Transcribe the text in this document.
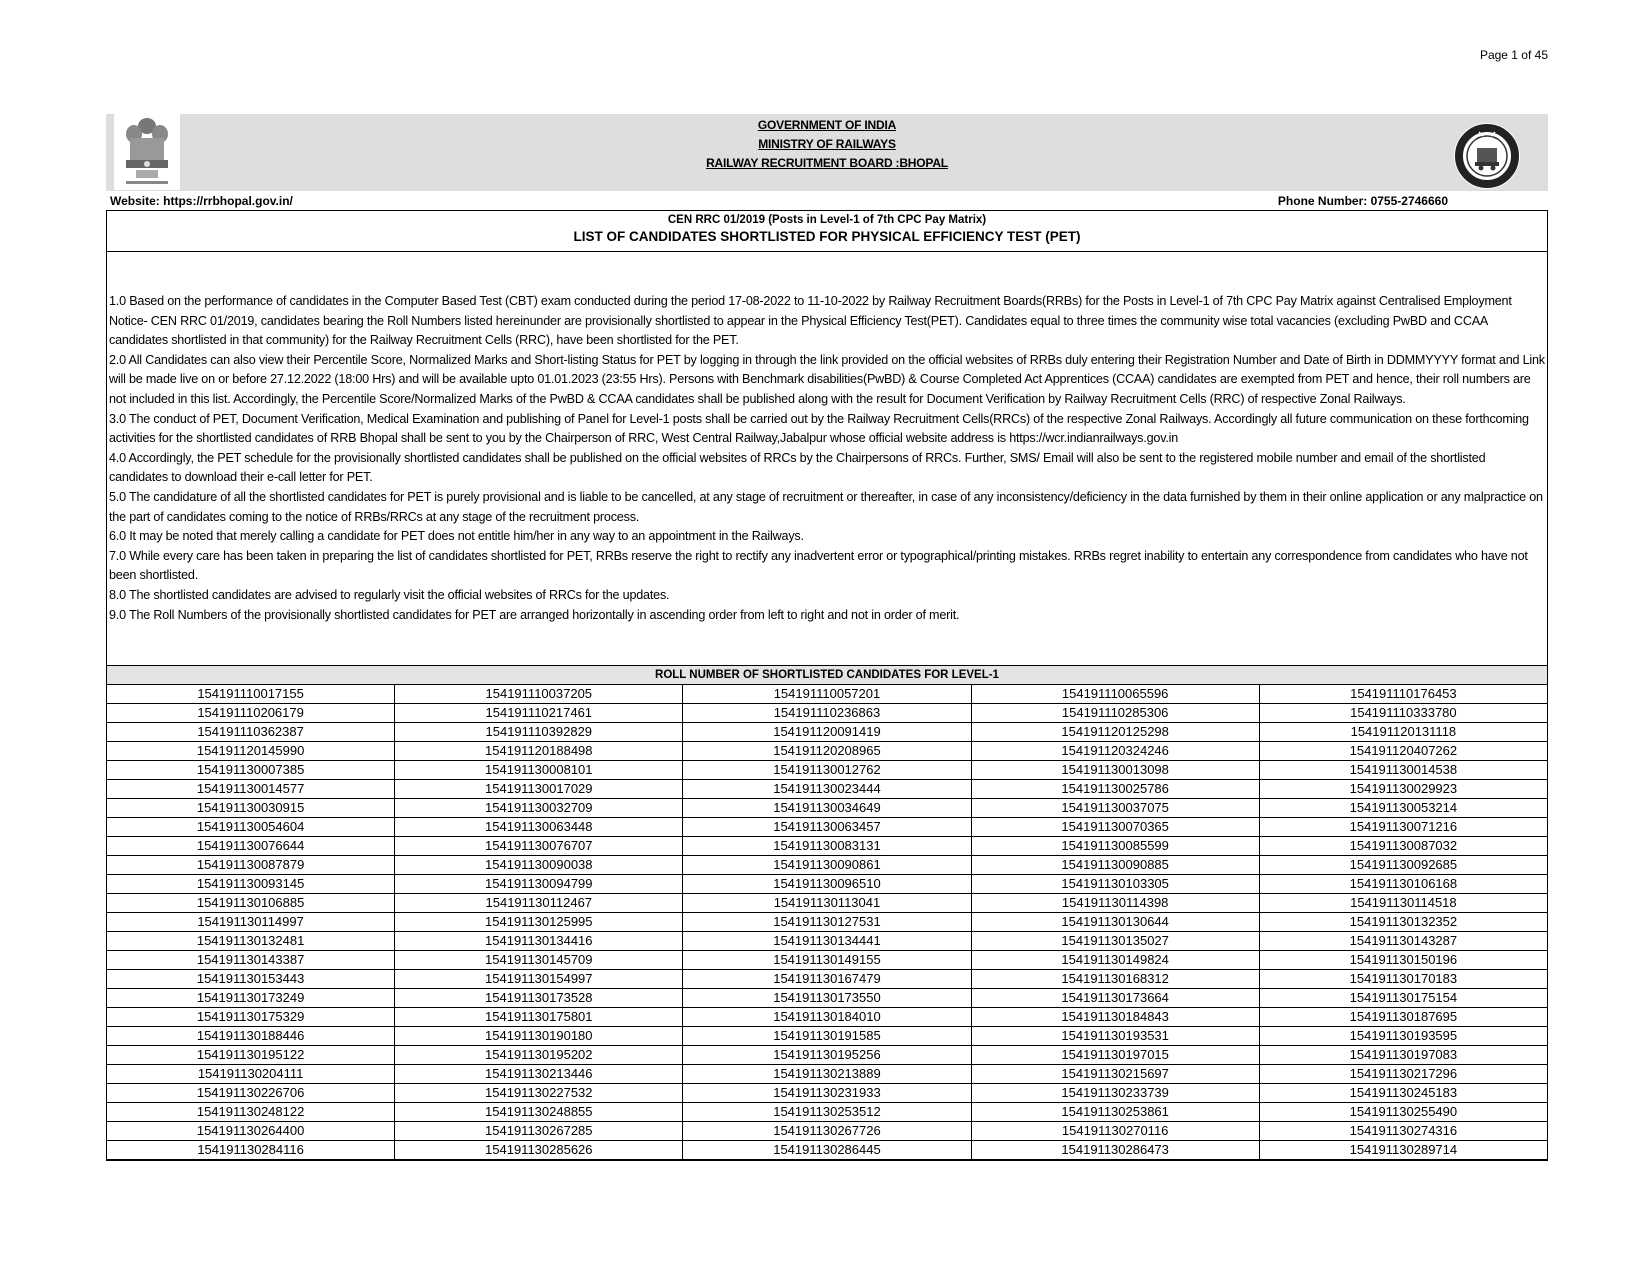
Page 1 of 45
GOVERNMENT OF INDIA
MINISTRY OF RAILWAYS
RAILWAY RECRUITMENT BOARD :BHOPAL
Website: https://rrbhopal.gov.in/	Phone Number: 0755-2746660
CEN RRC 01/2019 (Posts in Level-1 of 7th CPC Pay Matrix)
LIST OF CANDIDATES SHORTLISTED FOR PHYSICAL EFFICIENCY TEST (PET)

1.0 Based on the performance of candidates in the Computer Based Test (CBT) exam conducted during the period 17-08-2022 to 11-10-2022 by Railway Recruitment Boards(RRBs) for the Posts in Level-1 of 7th CPC Pay Matrix against Centralised Employment Notice- CEN RRC 01/2019, candidates bearing the Roll Numbers listed hereinunder are provisionally shortlisted to appear in the Physical Efficiency Test(PET). Candidates equal to three times the community wise total vacancies (excluding PwBD and CCAA candidates shortlisted in that community) for the Railway Recruitment Cells (RRC), have been shortlisted for the PET.

2.0 All Candidates can also view their Percentile Score, Normalized Marks and Short-listing Status for PET by logging in through the link provided on the official websites of RRBs duly entering their Registration Number and Date of Birth in DDMMYYYY format and Link will be made live on or before 27.12.2022 (18:00 Hrs) and will be available upto 01.01.2023 (23:55 Hrs). Persons with Benchmark disabilities(PwBD) & Course Completed Act Apprentices (CCAA) candidates are exempted from PET and hence, their roll numbers are not included in this list. Accordingly, the Percentile Score/Normalized Marks of the PwBD & CCAA candidates shall be published along with the result for Document Verification by Railway Recruitment Cells (RRC) of respective Zonal Railways.

3.0 The conduct of PET, Document Verification, Medical Examination and publishing of Panel for Level-1 posts shall be carried out by the Railway Recruitment Cells(RRCs) of the respective Zonal Railways. Accordingly all future communication on these forthcoming activities for the shortlisted candidates of RRB Bhopal shall be sent to you by the Chairperson of RRC, West Central Railway,Jabalpur whose official website address is https://wcr.indianrailways.gov.in

4.0 Accordingly, the PET schedule for the provisionally shortlisted candidates shall be published on the official websites of RRCs by the Chairpersons of RRCs. Further, SMS/ Email will also be sent to the registered mobile number and email of the shortlisted candidates to download their e-call letter for PET.

5.0 The candidature of all the shortlisted candidates for PET is purely provisional and is liable to be cancelled, at any stage of recruitment or thereafter, in case of any inconsistency/deficiency in the data furnished by them in their online application or any malpractice on the part of candidates coming to the notice of RRBs/RRCs at any stage of the recruitment process.

6.0 It may be noted that merely calling a candidate for PET does not entitle him/her in any way to an appointment in the Railways.

7.0 While every care has been taken in preparing the list of candidates shortlisted for PET, RRBs reserve the right to rectify any inadvertent error or typographical/printing mistakes. RRBs regret inability to entertain any correspondence from candidates who have not been shortlisted.

8.0 The shortlisted candidates are advised to regularly visit the official websites of RRCs for the updates.

9.0 The Roll Numbers of the provisionally shortlisted candidates for PET are arranged horizontally in ascending order from left to right and not in order of merit.

ROLL NUMBER OF SHORTLISTED CANDIDATES FOR LEVEL-1
154191110017155	154191110037205	154191110057201	154191110065596	154191110176453
154191110206179	154191110217461	154191110236863	154191110285306	154191110333780
154191110362387	154191110392829	154191120091419	154191120125298	154191120131118
154191120145990	154191120188498	154191120208965	154191120324246	154191120407262
154191130007385	154191130008101	154191130012762	154191130013098	154191130014538
154191130014577	154191130017029	154191130023444	154191130025786	154191130029923
154191130030915	154191130032709	154191130034649	154191130037075	154191130053214
154191130054604	154191130063448	154191130063457	154191130070365	154191130071216
154191130076644	154191130076707	154191130083131	154191130085599	154191130087032
154191130087879	154191130090038	154191130090861	154191130090885	154191130092685
154191130093145	154191130094799	154191130096510	154191130103305	154191130106168
154191130106885	154191130112467	154191130113041	154191130114398	154191130114518
154191130114997	154191130125995	154191130127531	154191130130644	154191130132352
154191130132481	154191130134416	154191130134441	154191130135027	154191130143287
154191130143387	154191130145709	154191130149155	154191130149824	154191130150196
154191130153443	154191130154997	154191130167479	154191130168312	154191130170183
154191130173249	154191130173528	154191130173550	154191130173664	154191130175154
154191130175329	154191130175801	154191130184010	154191130184843	154191130187695
154191130188446	154191130190180	154191130191585	154191130193531	154191130193595
154191130195122	154191130195202	154191130195256	154191130197015	154191130197083
154191130204111	154191130213446	154191130213889	154191130215697	154191130217296
154191130226706	154191130227532	154191130231933	154191130233739	154191130245183
154191130248122	154191130248855	154191130253512	154191130253861	154191130255490
154191130264400	154191130267285	154191130267726	154191130270116	154191130274316
154191130284116	154191130285626	154191130286445	154191130286473	154191130289714
